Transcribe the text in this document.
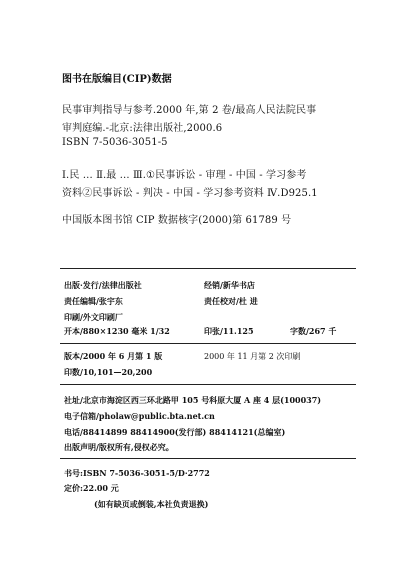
图书在版编目(CIP)数据
民事审判指导与参考.2000 年,第 2 卷/最高人民法院民事
审判庭编.-北京:法律出版社,2000.6
ISBN 7-5036-3051-5
Ⅰ.民 … Ⅱ.最 … Ⅲ.①民事诉讼 - 审理 - 中国 - 学习参考
资料②民事诉讼 - 判决 - 中国 - 学习参考资料 Ⅳ.D925.1
中国版本图书馆 CIP 数据核字(2000)第 61789 号
出版·发行/法律出版社	经销/新华书店
责任编辑/张宇东	责任校对/杜 进
印刷/外文印刷厂
开本/880×1230 毫米 1/32	印张/11.125	字数/267 千
版本/2000 年 6 月第 1 版	2000 年 11 月第 2 次印刷
印数/10,101—20,200
社址/北京市海淀区西三环北路甲 105 号科原大厦 A 座 4 层(100037)
电子信箱/pholaw@public.bta.net.cn
电话/88414899 88414900(发行部) 88414121(总编室)
出版声明/版权所有,侵权必究。
书号:ISBN 7-5036-3051-5/D·2772
定价:22.00 元
(如有缺页或倒装,本社负责退换)
